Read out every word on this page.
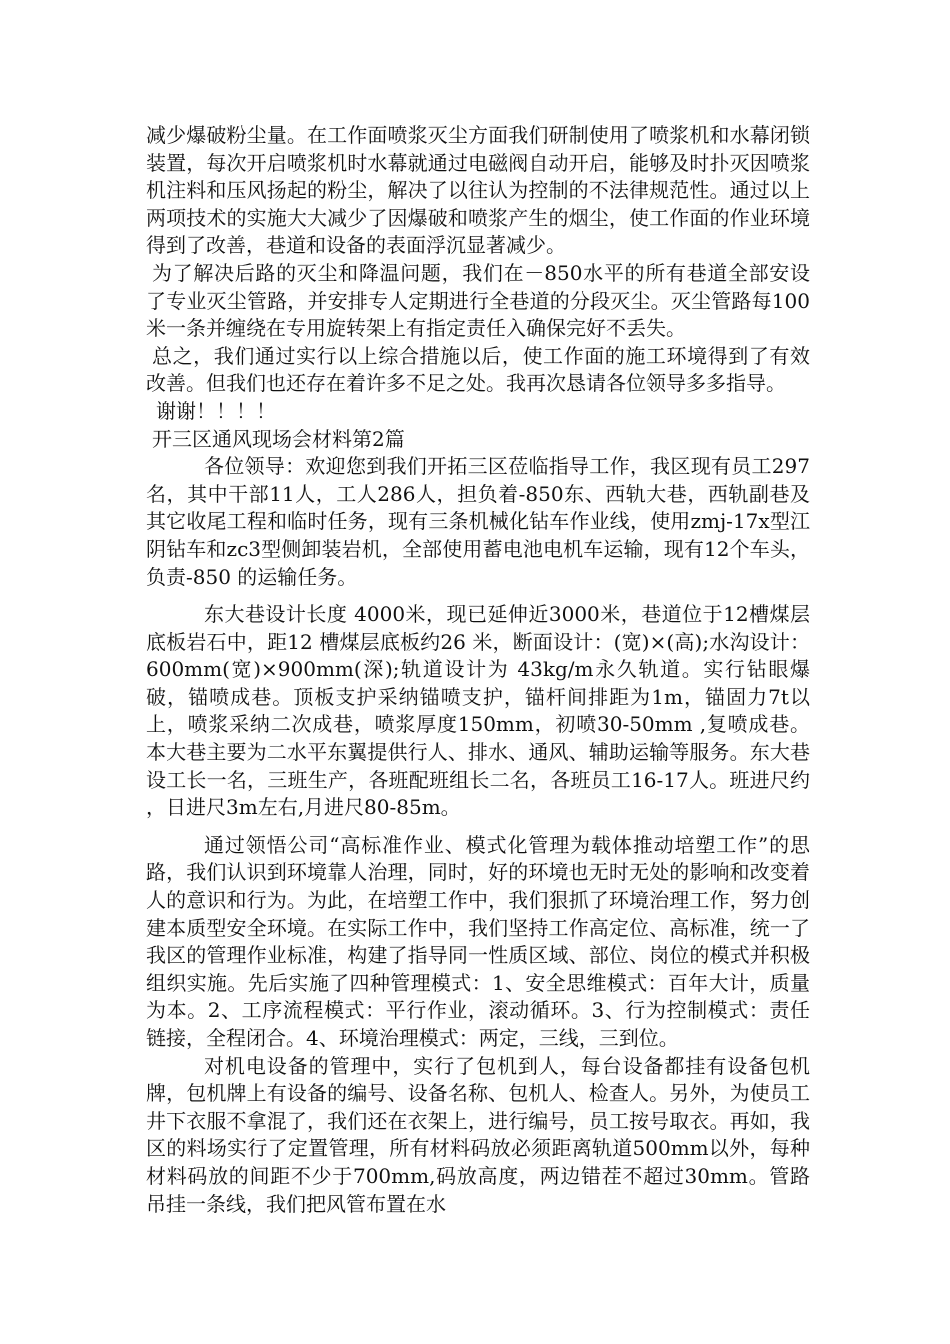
减少爆破粉尘量。在工作面喷浆灭尘方面我们研制使用了喷浆机和水幕闭锁装置，每次开启喷浆机时水幕就通过电磁阀自动开启，能够及时扑灭因喷浆机注料和压风扬起的粉尘，解决了以往认为控制的不法律规范性。通过以上两项技术的实施大大减少了因爆破和喷浆产生的烟尘，使工作面的作业环境得到了改善，巷道和设备的表面浮沉显著减少。

为了解决后路的灭尘和降温问题，我们在－850水平的所有巷道全部安设了专业灭尘管路，并安排专人定期进行全巷道的分段灭尘。灭尘管路每100米一条并缠绕在专用旋转架上有指定责任入确保完好不丢失。

总之，我们通过实行以上综合措施以后，使工作面的施工环境得到了有效改善。但我们也还存在着许多不足之处。我再次恳请各位领导多多指导。

谢谢！！！！

开三区通风现场会材料第2篇

各位领导：欢迎您到我们开拓三区莅临指导工作，我区现有员工297名，其中干部11人，工人286人，担负着-850东、西轨大巷，西轨副巷及其它收尾工程和临时任务，现有三条机械化钻车作业线，使用zmj-17x型江阴钻车和zc3型侧卸装岩机，全部使用蓄电池电机车运输，现有12个车头，负责-850 的运输任务。

东大巷设计长度 4000米，现已延伸近3000米，巷道位于12槽煤层底板岩石中，距12 槽煤层底板约26 米，断面设计：(宽)×(高);水沟设计：600mm(宽)×900mm(深);轨道设计为 43kg/m永久轨道。实行钻眼爆破，锚喷成巷。顶板支护采纳锚喷支护，锚杆间排距为1m，锚固力7t以上，喷浆采纳二次成巷，喷浆厚度150mm，初喷30-50mm ,复喷成巷。本大巷主要为二水平东翼提供行人、排水、通风、辅助运输等服务。东大巷设工长一名，三班生产，各班配班组长二名，各班员工16-17人。班进尺约 ，日进尺3m左右,月进尺80-85m。

通过领悟公司“高标准作业、模式化管理为载体推动培塑工作”的思路，我们认识到环境靠人治理，同时，好的环境也无时无处的影响和改变着人的意识和行为。为此，在培塑工作中，我们狠抓了环境治理工作，努力创建本质型安全环境。在实际工作中，我们坚持工作高定位、高标准，统一了我区的管理作业标准，构建了指导同一性质区域、部位、岗位的模式并积极组织实施。先后实施了四种管理模式：1、安全思维模式：百年大计，质量为本。2、工序流程模式：平行作业，滚动循环。3、行为控制模式：责任链接，全程闭合。4、环境治理模式：两定，三线，三到位。

对机电设备的管理中，实行了包机到人，每台设备都挂有设备包机牌，包机牌上有设备的编号、设备名称、包机人、检查人。另外，为使员工井下衣服不拿混了，我们还在衣架上，进行编号，员工按号取衣。再如，我区的料场实行了定置管理，所有材料码放必须距离轨道500mm以外，每种材料码放的间距不少于700mm,码放高度，两边错茬不超过30mm。管路吊挂一条线，我们把风管布置在水
